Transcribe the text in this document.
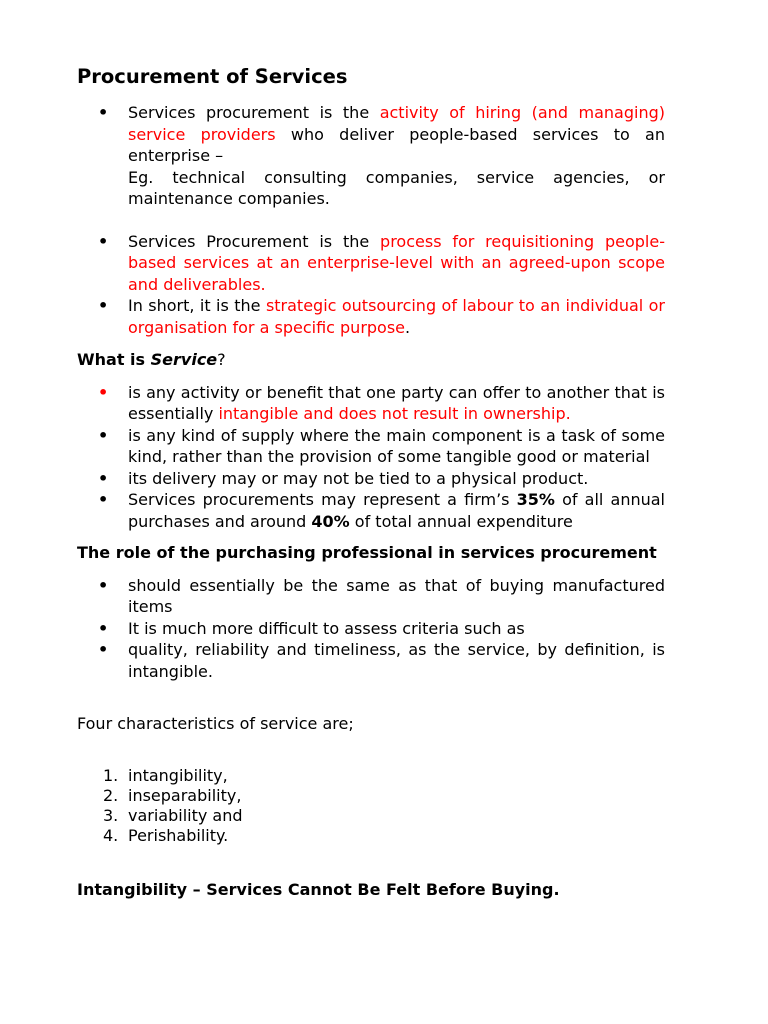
Procurement of Services
•	Services procurement is the activity of hiring (and managing) service providers who deliver people-based services to an enterprise –
Eg. technical consulting companies, service agencies, or maintenance companies.
•	Services Procurement is the process for requisitioning people-based services at an enterprise-level with an agreed-upon scope and deliverables.
•	In short, it is the strategic outsourcing of labour to an individual or organisation for a specific purpose.
What is Service?
•	is any activity or benefit that one party can offer to another that is essentially intangible and does not result in ownership.
•	is any kind of supply where the main component is a task of some kind, rather than the provision of some tangible good or material
•	its delivery may or may not be tied to a physical product.
•	Services procurements may represent a firm’s 35% of all annual purchases and around 40% of total annual expenditure
The role of the purchasing professional in services procurement
•	should essentially be the same as that of buying manufactured items
•	It is much more difficult to assess criteria such as
•	quality, reliability and timeliness, as the service, by definition, is intangible.
Four characteristics of service are;
1. intangibility,
2. inseparability,
3. variability and
4. Perishability.
Intangibility – Services Cannot Be Felt Before Buying.
